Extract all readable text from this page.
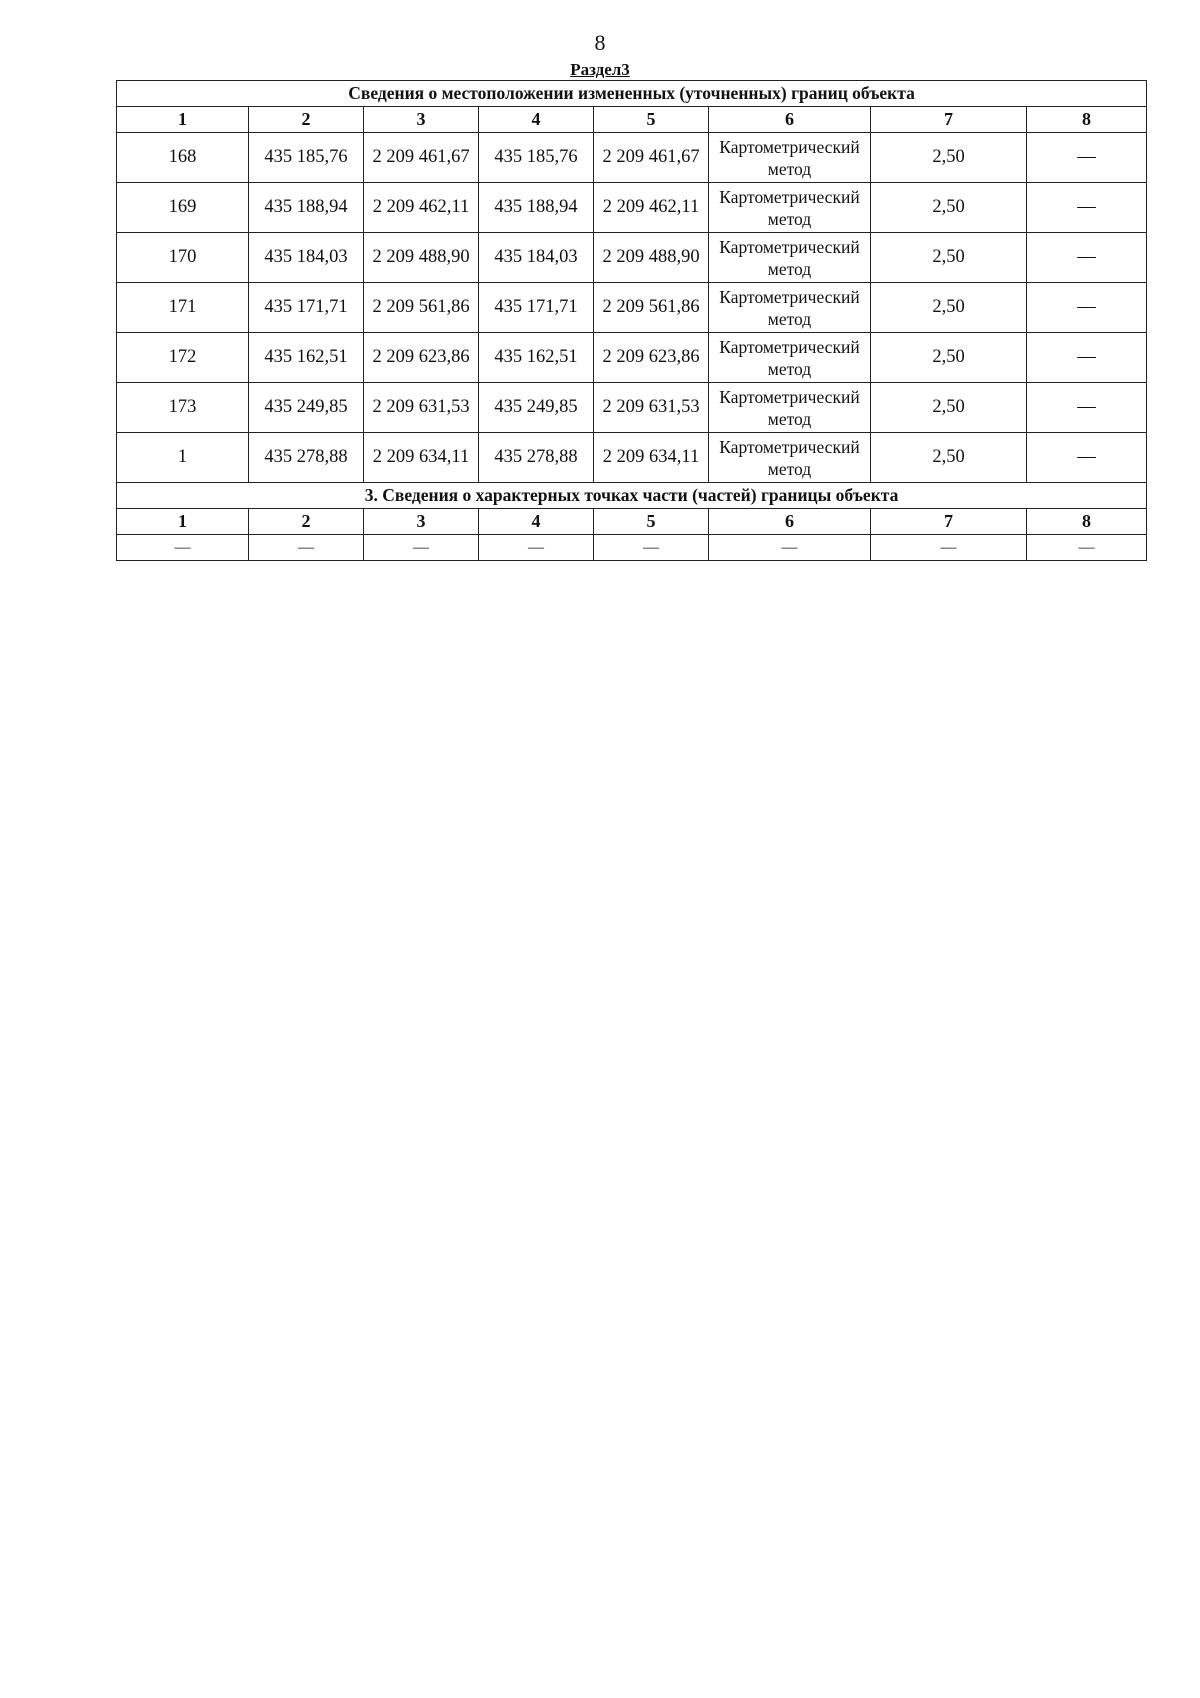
8
Раздел3
Сведения о местоположении измененных (уточненных) границ объекта							
1	2	3	4	5	6	7	8
168	435 185,76	2 209 461,67	435 185,76	2 209 461,67	Картометрический метод	2,50	—
169	435 188,94	2 209 462,11	435 188,94	2 209 462,11	Картометрический метод	2,50	—
170	435 184,03	2 209 488,90	435 184,03	2 209 488,90	Картометрический метод	2,50	—
171	435 171,71	2 209 561,86	435 171,71	2 209 561,86	Картометрический метод	2,50	—
172	435 162,51	2 209 623,86	435 162,51	2 209 623,86	Картометрический метод	2,50	—
173	435 249,85	2 209 631,53	435 249,85	2 209 631,53	Картометрический метод	2,50	—
1	435 278,88	2 209 634,11	435 278,88	2 209 634,11	Картометрический метод	2,50	—
3. Сведения о характерных точках части (частей) границы объекта							
1	2	3	4	5	6	7	8
—	—	—	—	—	—	—	—
